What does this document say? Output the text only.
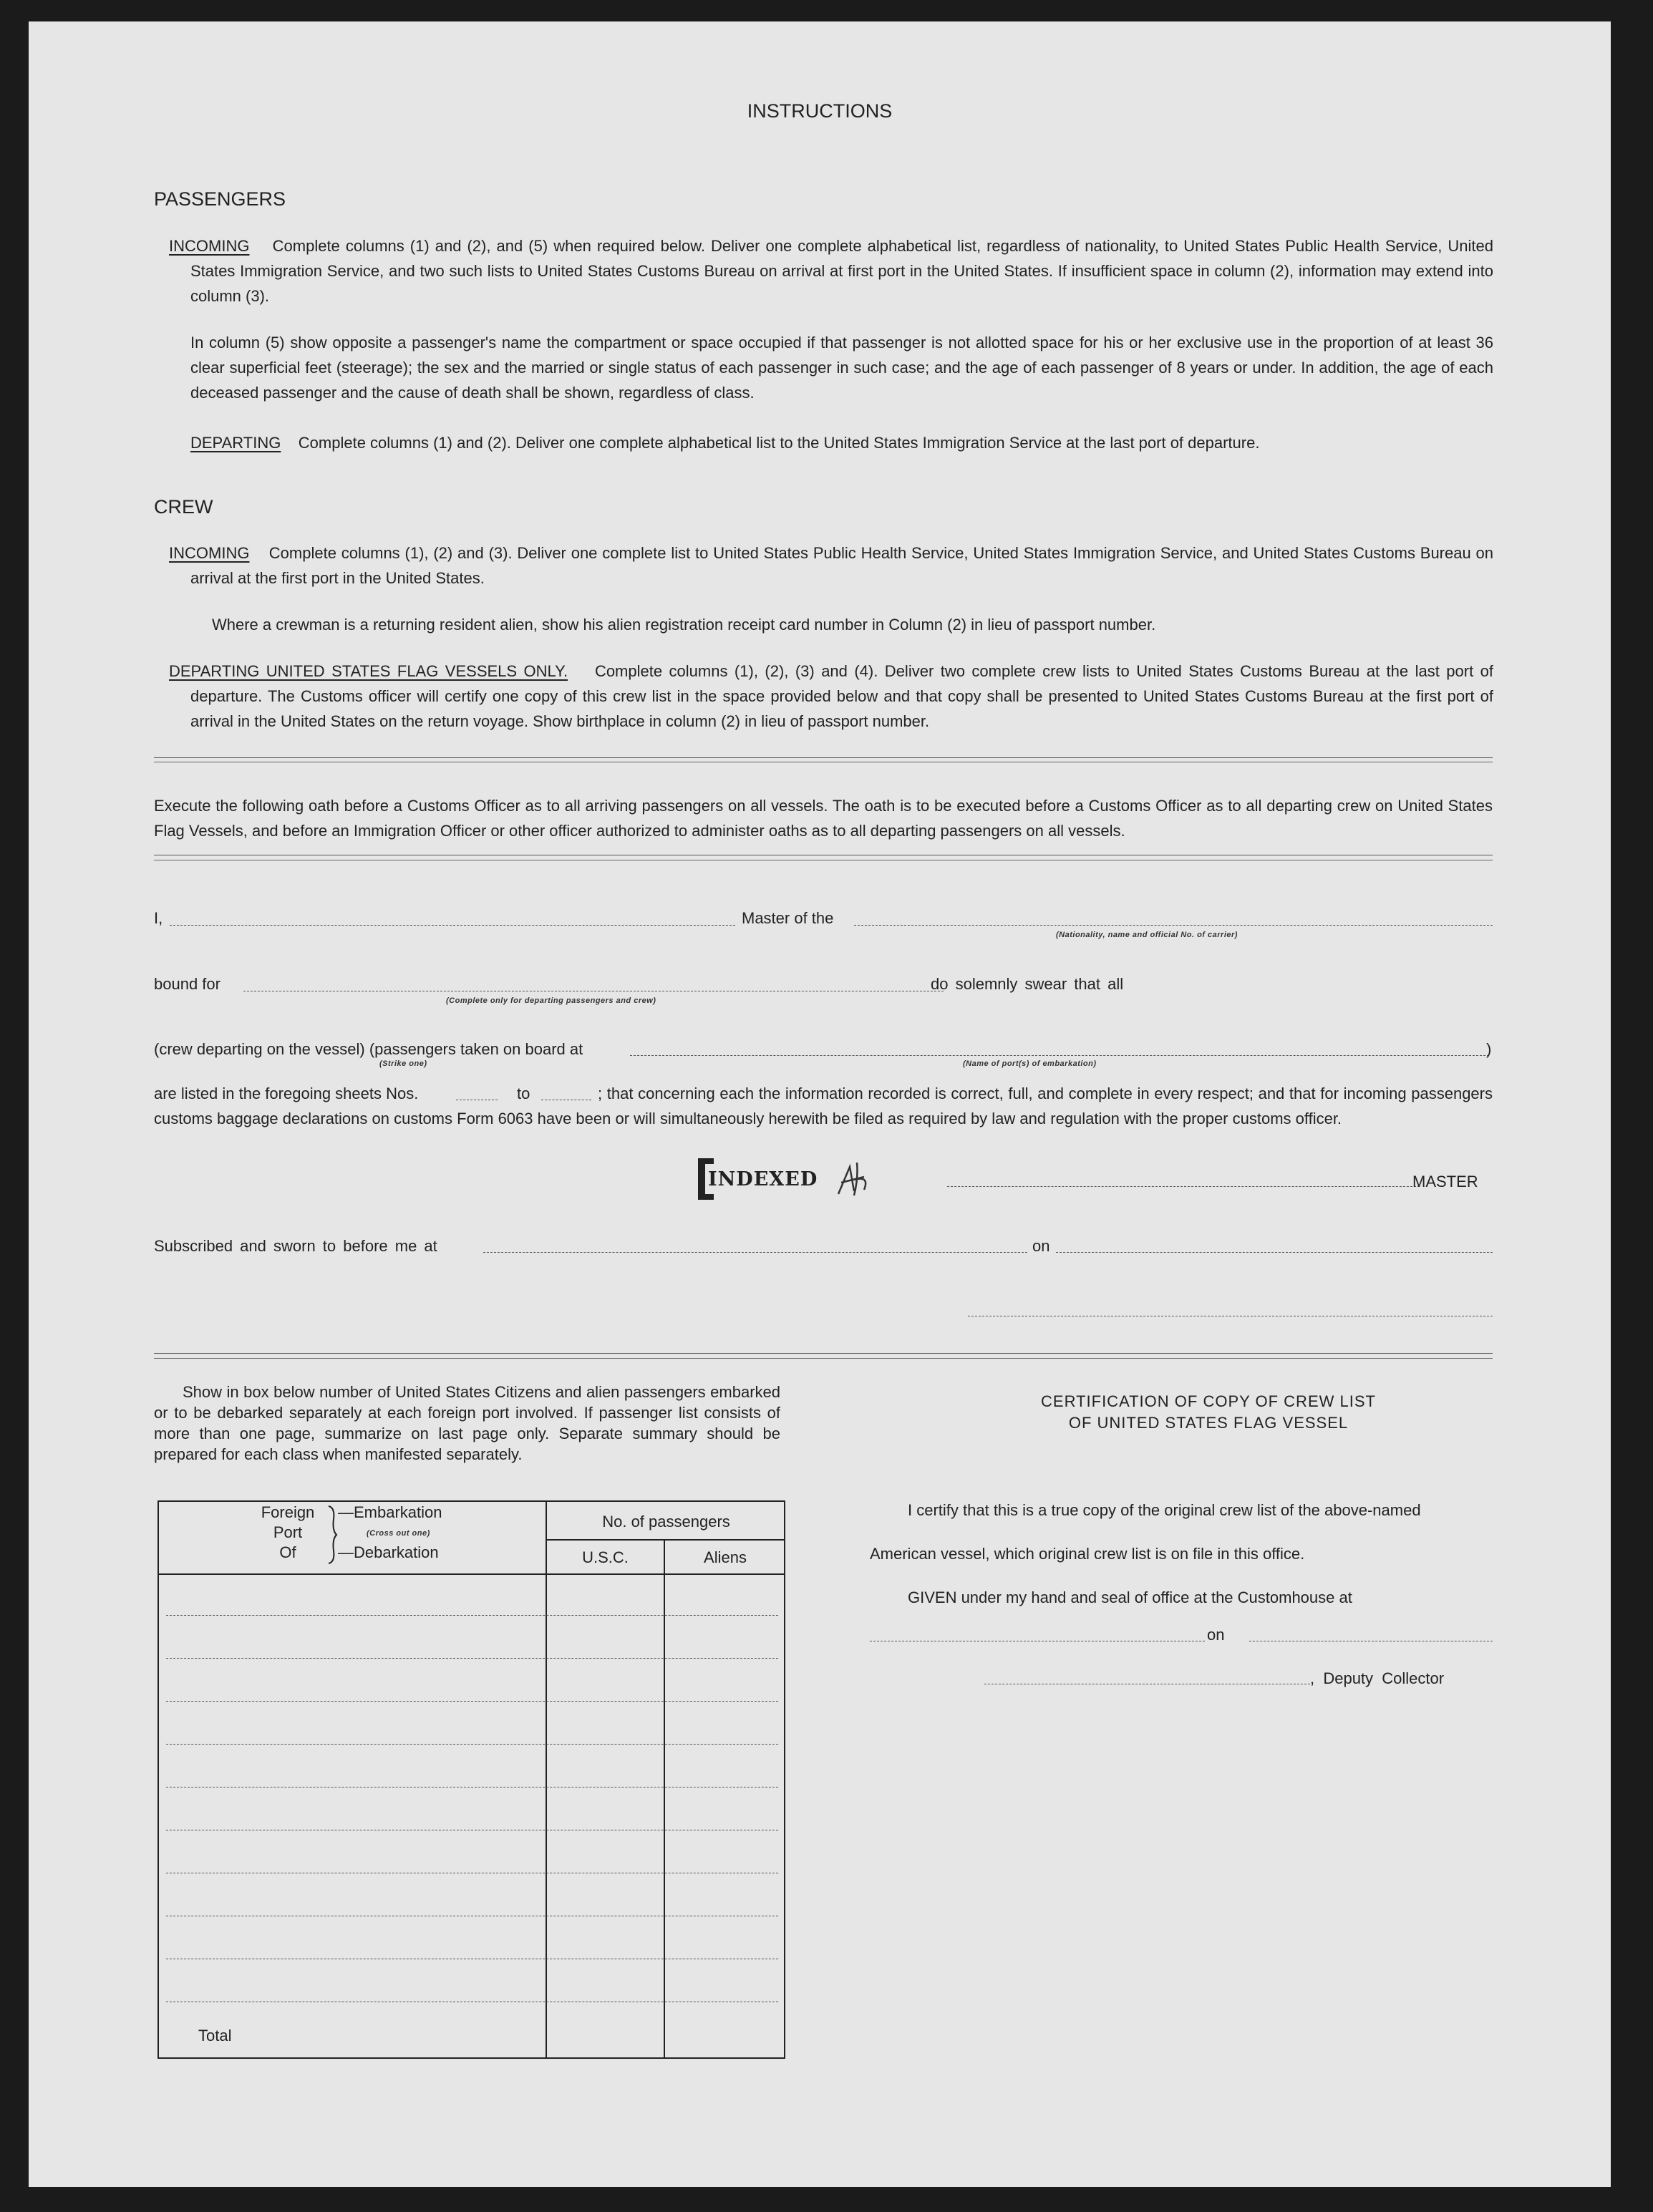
INSTRUCTIONS
PASSENGERS
INCOMING Complete columns (1) and (2), and (5) when required below. Deliver one complete alphabetical list, regardless of nationality, to United States Public Health Service, United States Immigration Service, and two such lists to United States Customs Bureau on arrival at first port in the United States. If insufficient space in column (2), information may extend into column (3).
In column (5) show opposite a passenger's name the compartment or space occupied if that passenger is not allotted space for his or her exclusive use in the proportion of at least 36 clear superficial feet (steerage); the sex and the married or single status of each passenger in such case; and the age of each passenger of 8 years or under. In addition, the age of each deceased passenger and the cause of death shall be shown, regardless of class.
DEPARTING Complete columns (1) and (2). Deliver one complete alphabetical list to the United States Immigration Service at the last port of departure.
CREW
INCOMING Complete columns (1), (2) and (3). Deliver one complete list to United States Public Health Service, United States Immigration Service, and United States Customs Bureau on arrival at the first port in the United States.
Where a crewman is a returning resident alien, show his alien registration receipt card number in Column (2) in lieu of passport number.
DEPARTING UNITED STATES FLAG VESSELS ONLY. Complete columns (1), (2), (3) and (4). Deliver two complete crew lists to United States Customs Bureau at the last port of departure. The Customs officer will certify one copy of this crew list in the space provided below and that copy shall be presented to United States Customs Bureau at the first port of arrival in the United States on the return voyage. Show birthplace in column (2) in lieu of passport number.
Execute the following oath before a Customs Officer as to all arriving passengers on all vessels. The oath is to be executed before a Customs Officer as to all departing crew on United States Flag Vessels, and before an Immigration Officer or other officer authorized to administer oaths as to all departing passengers on all vessels.
I,	Master of the
(Nationality, name and official No. of carrier)
bound for
(Complete only for departing passengers and crew)
do solemnly swear that all
(crew departing on the vessel) (passengers taken on board at	)
(Strike one)	(Name of port(s) of embarkation)
are listed in the foregoing sheets Nos.	to	; that concerning each the information recorded is correct, full, and complete in every respect; and that for incoming passengers customs baggage declarations on customs Form 6063 have been or will simultaneously herewith be filed as required by law and regulation with the proper customs officer.
INDEXED	MASTER
Subscribed and sworn to before me at	on
Show in box below number of United States Citizens and alien passengers embarked or to be debarked separately at each foreign port involved. If passenger list consists of more than one page, summarize on last page only. Separate summary should be prepared for each class when manifested separately.
Foreign
Port
Of
—Embarkation
(Cross out one)
—Debarkation
No. of passengers
U.S.C.	Aliens
Total
CERTIFICATION OF COPY OF CREW LIST
OF UNITED STATES FLAG VESSEL
I certify that this is a true copy of the original crew list of the above-named
American vessel, which original crew list is on file in this office.
GIVEN under my hand and seal of office at the Customhouse at
on
,  Deputy  Collector
